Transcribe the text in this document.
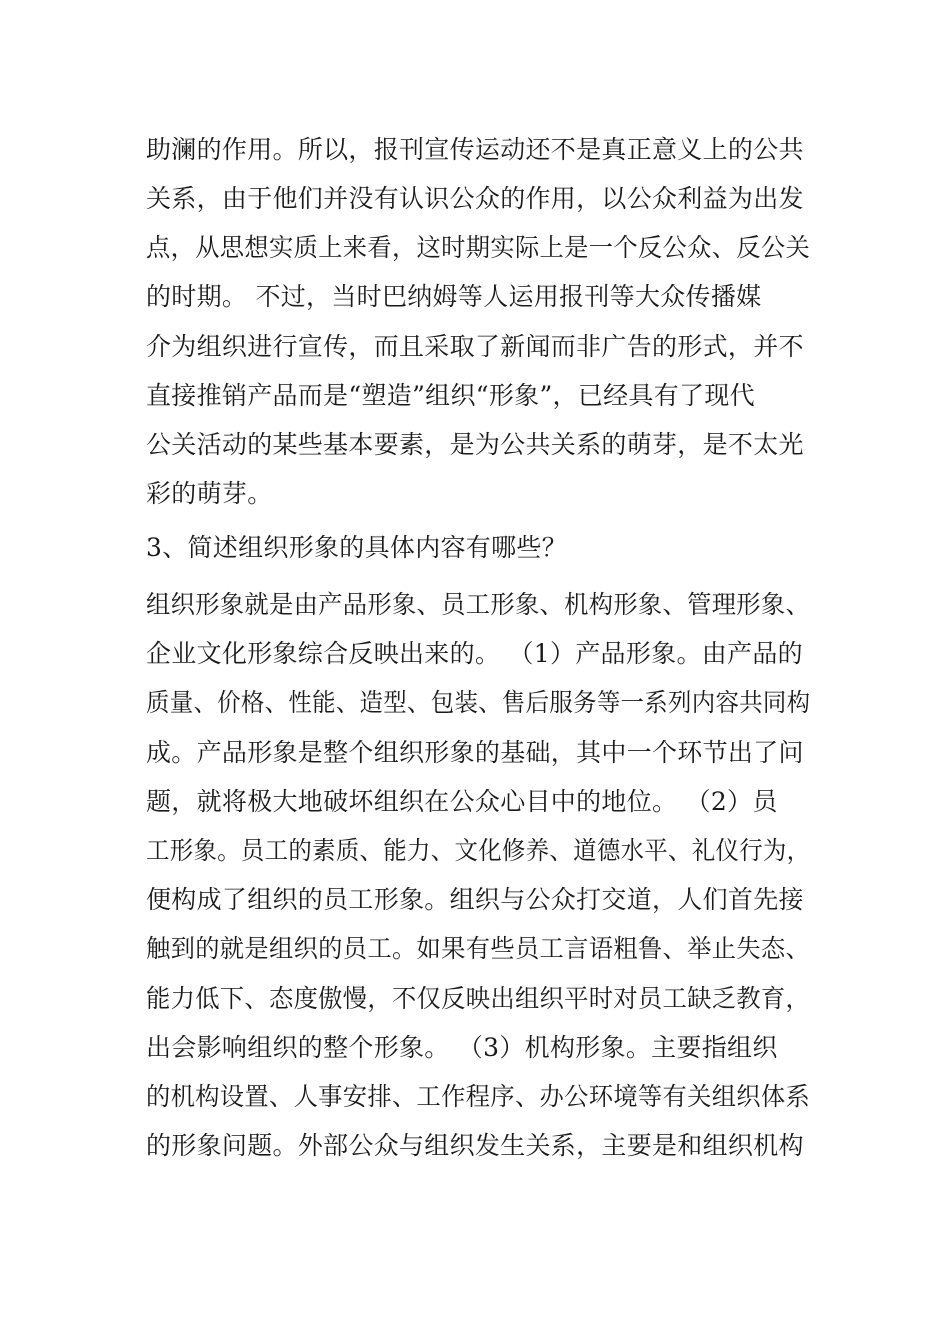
助澜的作用。所以，报刊宣传运动还不是真正意义上的公共
关系，由于他们并没有认识公众的作用，以公众利益为出发
点，从思想实质上来看，这时期实际上是一个反公众、反公关
的时期。 不过，当时巴纳姆等人运用报刊等大众传播媒
介为组织进行宣传，而且采取了新闻而非广告的形式，并不
直接推销产品而是“塑造”组织“形象”，已经具有了现代
公关活动的某些基本要素，是为公共关系的萌芽，是不太光
彩的萌芽。
3、简述组织形象的具体内容有哪些？
组织形象就是由产品形象、员工形象、机构形象、管理形象、
企业文化形象综合反映出来的。 （1）产品形象。由产品的
质量、价格、性能、造型、包装、售后服务等一系列内容共同构
成。产品形象是整个组织形象的基础，其中一个环节出了问
题，就将极大地破坏组织在公众心目中的地位。 （2）员
工形象。员工的素质、能力、文化修养、道德水平、礼仪行为，
便构成了组织的员工形象。组织与公众打交道，人们首先接
触到的就是组织的员工。如果有些员工言语粗鲁、举止失态、
能力低下、态度傲慢，不仅反映出组织平时对员工缺乏教育，
出会影响组织的整个形象。 （3）机构形象。主要指组织
的机构设置、人事安排、工作程序、办公环境等有关组织体系
的形象问题。外部公众与组织发生关系，主要是和组织机构
